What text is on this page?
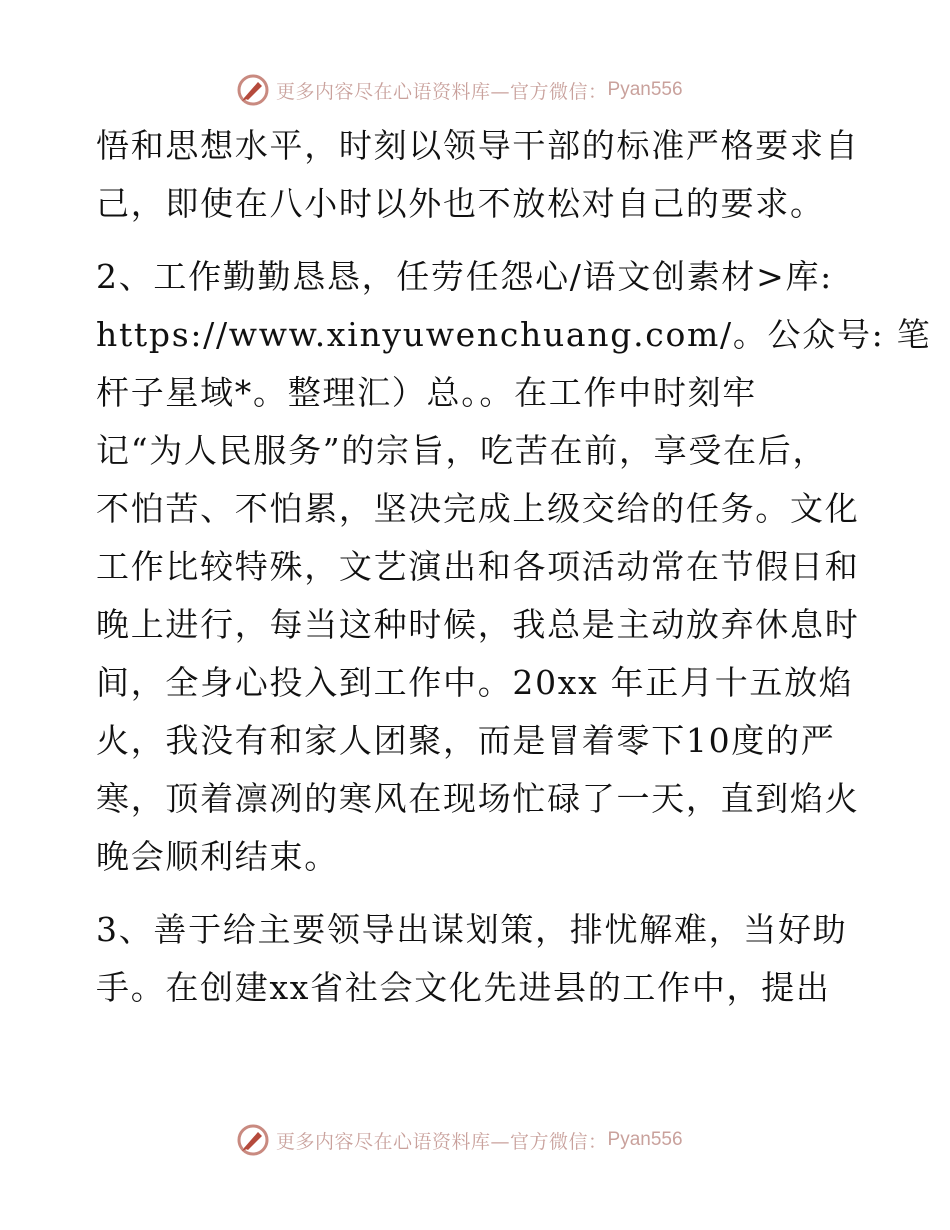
更多内容尽在心语资料库—官方微信： Pyan556
悟和思想水平，时刻以领导干部的标准严格要求自
己，即使在八小时以外也不放松对自己的要求。
2、工作勤勤恳恳，任劳任怨心/语文创素材>库:
https://www.xinyuwenchuang.com/。公众号: 笔
杆子星域*。整理汇）总。。在工作中时刻牢
记“为人民服务”的宗旨，吃苦在前，享受在后，
不怕苦、不怕累，坚决完成上级交给的任务。文化
工作比较特殊，文艺演出和各项活动常在节假日和
晚上进行，每当这种时候，我总是主动放弃休息时
间，全身心投入到工作中。20xx 年正月十五放焰
火，我没有和家人团聚，而是冒着零下10度的严
寒，顶着凛冽的寒风在现场忙碌了一天，直到焰火
晚会顺利结束。
3、善于给主要领导出谋划策，排忧解难，当好助
手。在创建xx省社会文化先进县的工作中，提出
更多内容尽在心语资料库—官方微信： Pyan556
